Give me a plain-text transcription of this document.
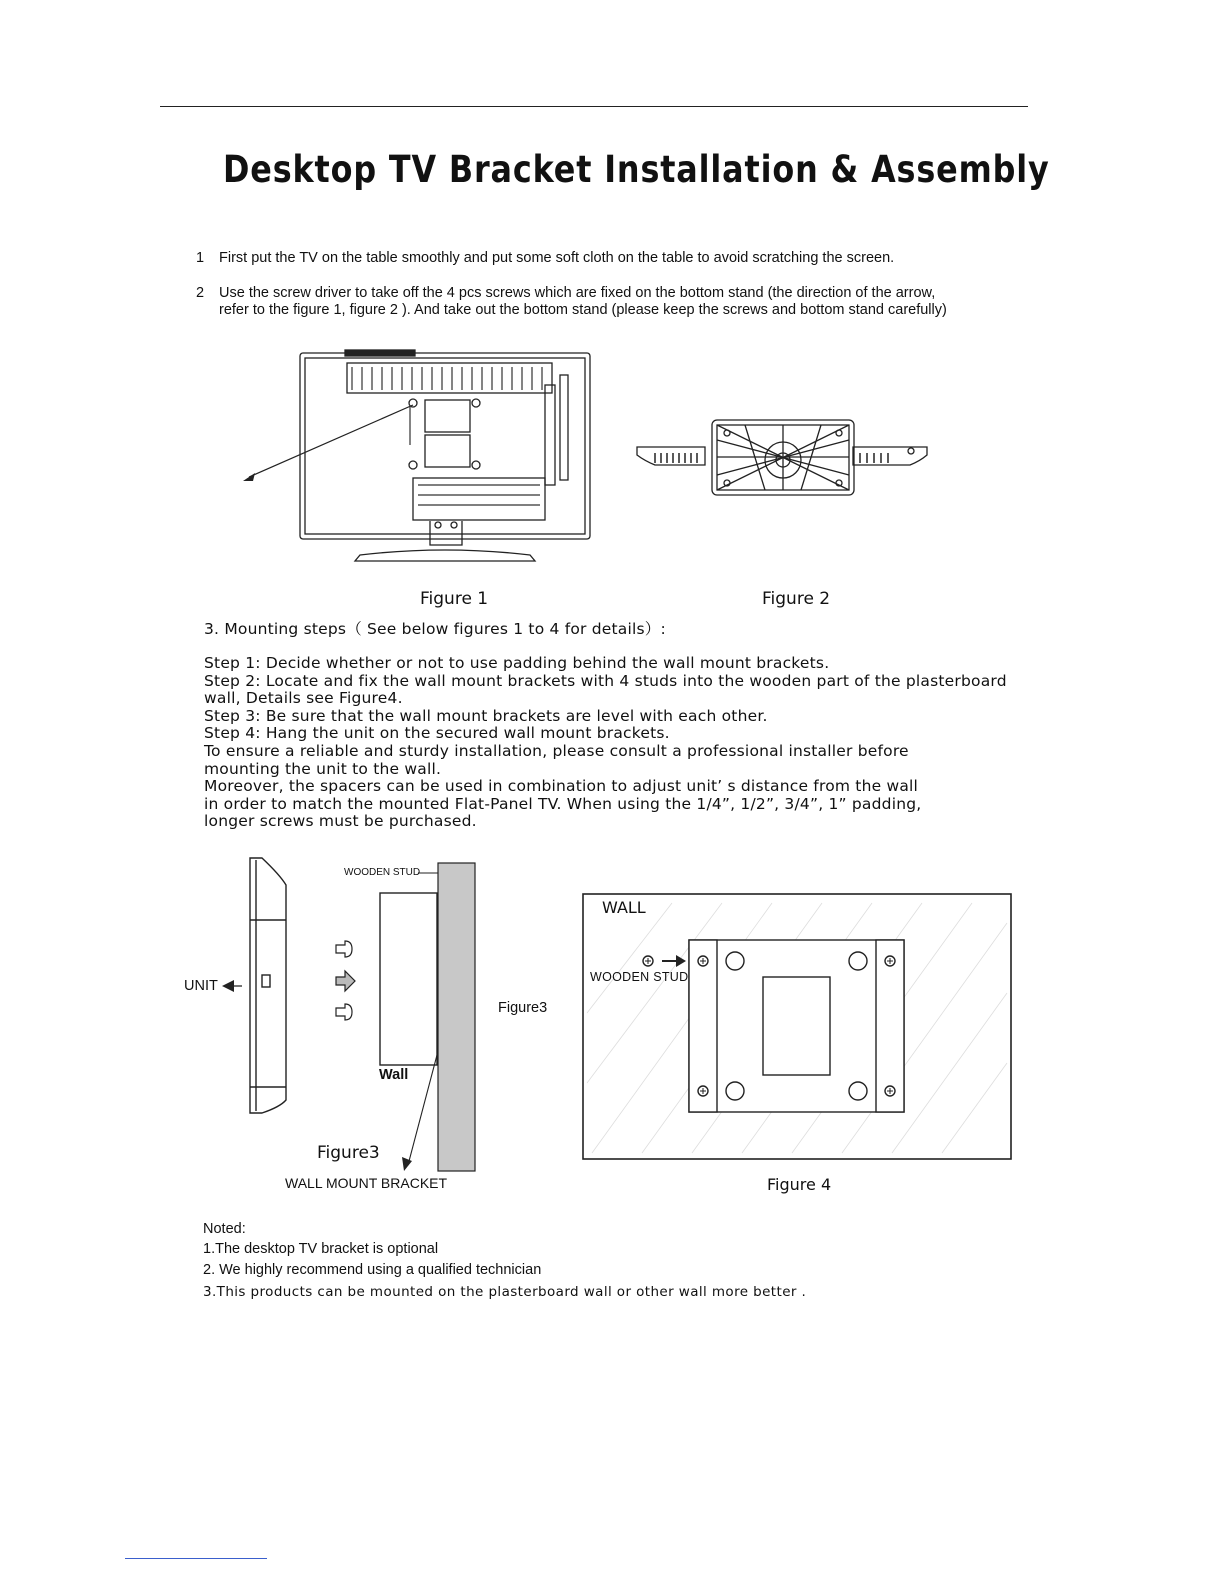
Desktop TV Bracket Installation & Assembly
1 First put the TV on the table smoothly and put some soft cloth on the table to avoid scratching the screen.
2 Use the screw driver to take off the 4 pcs screws which are fixed on the bottom stand (the direction of the arrow,
refer to the figure 1, figure 2 ). And take out the bottom stand (please keep the screws and bottom stand carefully)
Figure 1	Figure 2
3. Mounting steps（ See below figures 1 to 4 for details）:
Step 1: Decide whether or not to use padding behind the wall mount brackets.
Step 2: Locate and fix the wall mount brackets with 4 studs into the wooden part of the plasterboard
wall, Details see Figure4.
Step 3: Be sure that the wall mount brackets are level with each other.
Step 4: Hang the unit on the secured wall mount brackets.
To ensure a reliable and sturdy installation, please consult a professional installer before
mounting the unit to the wall.
Moreover, the spacers can be used in combination to adjust unit’ s distance from the wall
in order to match the mounted Flat-Panel TV. When using the 1/4”, 1/2”, 3/4”, 1” padding,
longer screws must be purchased.
UNIT
WOODEN STUD
Wall
Figure3
WALL MOUNT BRACKET
Figure3
WALL
WOODEN STUD
Figure 4
Noted:
1.The desktop TV bracket is optional
2. We highly recommend using a qualified technician
3.This products can be mounted on the plasterboard wall or other wall more better .
